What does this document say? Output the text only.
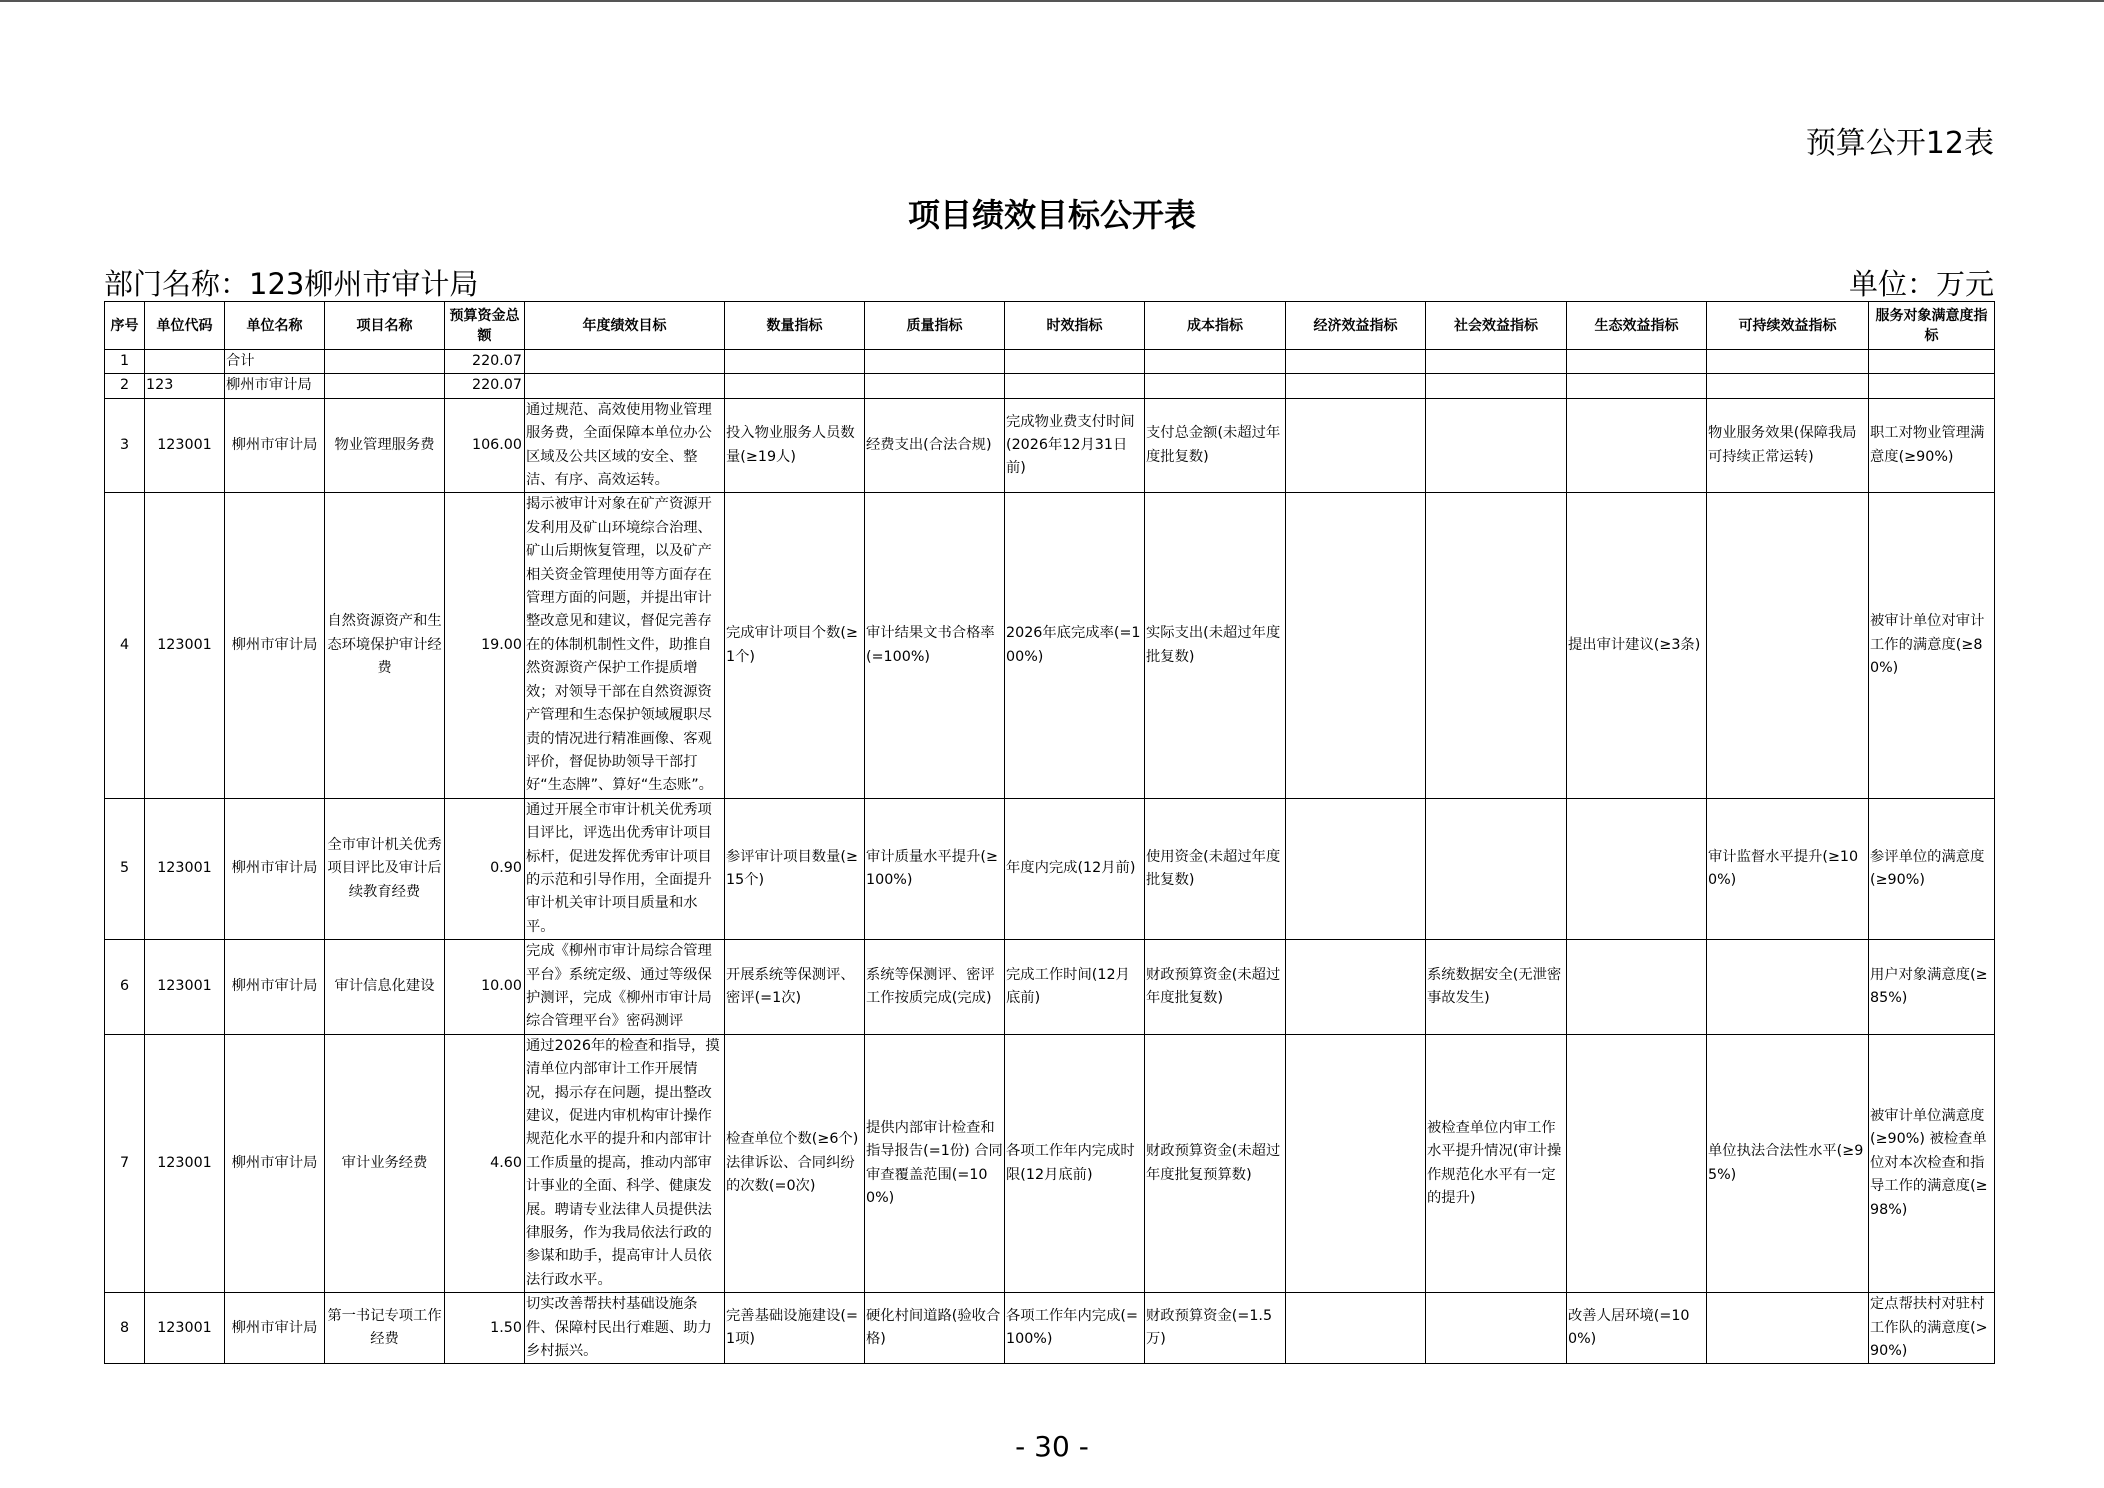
预算公开12表
项目绩效目标公开表
部门名称：123柳州市审计局	单位：万元
序号	单位代码	单位名称	项目名称	预算资金总额	年度绩效目标	数量指标	质量指标	时效指标	成本指标	经济效益指标	社会效益指标	生态效益指标	可持续效益指标	服务对象满意度指标
1		合计		220.07										
2	123	柳州市审计局		220.07										
3	123001	柳州市审计局	物业管理服务费	106.00	通过规范、高效使用物业管理服务费，全面保障本单位办公区域及公共区域的安全、整洁、有序、高效运转。	投入物业服务人员数量(≥19人)	经费支出(合法合规)	完成物业费支付时间(2026年12月31日前)	支付总金额(未超过年度批复数)				物业服务效果(保障我局可持续正常运转)	职工对物业管理满意度(≥90%)
4	123001	柳州市审计局	自然资源资产和生态环境保护审计经费	19.00	揭示被审计对象在矿产资源开发利用及矿山环境综合治理、矿山后期恢复管理，以及矿产相关资金管理使用等方面存在管理方面的问题，并提出审计整改意见和建议，督促完善存在的体制机制性文件，助推自然资源资产保护工作提质增效；对领导干部在自然资源资产管理和生态保护领域履职尽责的情况进行精准画像、客观评价，督促协助领导干部打好“生态牌”、算好“生态账”。	完成审计项目个数(≥1个)	审计结果文书合格率(=100%)	2026年底完成率(=100%)	实际支出(未超过年度批复数)			提出审计建议(≥3条)		被审计单位对审计工作的满意度(≥80%)
5	123001	柳州市审计局	全市审计机关优秀项目评比及审计后续教育经费	0.90	通过开展全市审计机关优秀项目评比，评选出优秀审计项目标杆，促进发挥优秀审计项目的示范和引导作用，全面提升审计机关审计项目质量和水平。	参评审计项目数量(≥15个)	审计质量水平提升(≥100%)	年度内完成(12月前)	使用资金(未超过年度批复数)				审计监督水平提升(≥100%)	参评单位的满意度(≥90%)
6	123001	柳州市审计局	审计信息化建设	10.00	完成《柳州市审计局综合管理平台》系统定级、通过等级保护测评，完成《柳州市审计局综合管理平台》密码测评	开展系统等保测评、密评(=1次)	系统等保测评、密评工作按质完成(完成)	完成工作时间(12月底前)	财政预算资金(未超过年度批复数)		系统数据安全(无泄密事故发生)			用户对象满意度(≥85%)
7	123001	柳州市审计局	审计业务经费	4.60	通过2026年的检查和指导，摸清单位内部审计工作开展情况，揭示存在问题，提出整改建议，促进内审机构审计操作规范化水平的提升和内部审计工作质量的提高，推动内部审计事业的全面、科学、健康发展。聘请专业法律人员提供法律服务，作为我局依法行政的参谋和助手，提高审计人员依法行政水平。	检查单位个数(≥6个) 法律诉讼、合同纠纷的次数(=0次)	提供内部审计检查和指导报告(=1份) 合同审查覆盖范围(=100%)	各项工作年内完成时限(12月底前)	财政预算资金(未超过年度批复预算数)		被检查单位内审工作水平提升情况(审计操作规范化水平有一定的提升)		单位执法合法性水平(≥95%)	被审计单位满意度(≥90%) 被检查单位对本次检查和指导工作的满意度(≥98%)
8	123001	柳州市审计局	第一书记专项工作经费	1.50	切实改善帮扶村基础设施条件、保障村民出行难题、助力乡村振兴。	完善基础设施建设(=1项)	硬化村间道路(验收合格)	各项工作年内完成(=100%)	财政预算资金(=1.5万)			改善人居环境(=100%)		定点帮扶村对驻村工作队的满意度(>90%)
- 30 -
